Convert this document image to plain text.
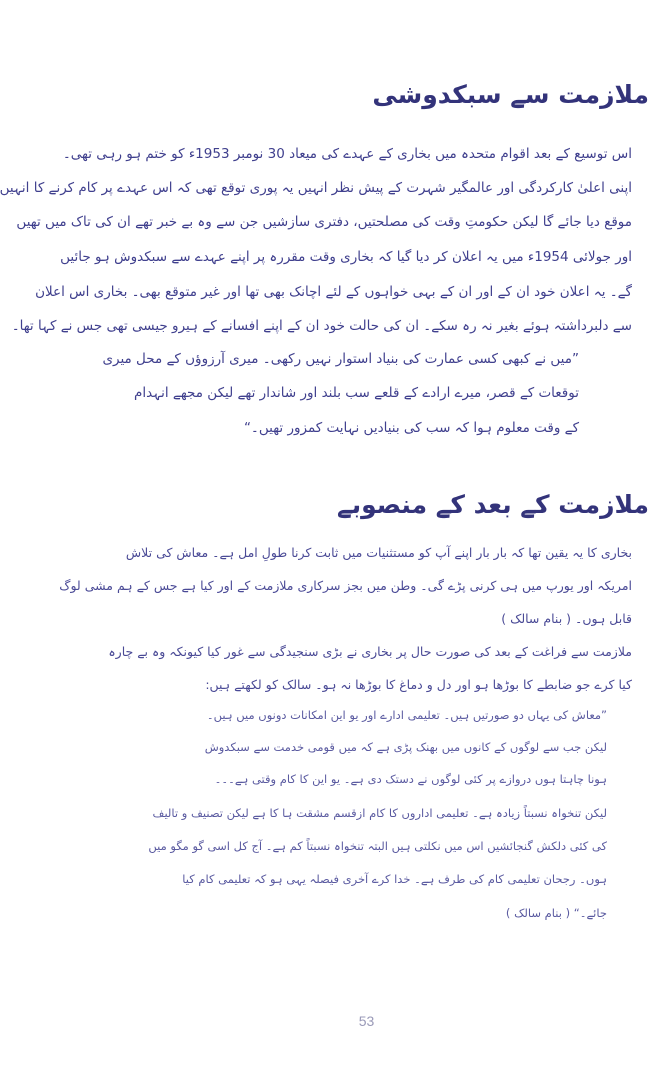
ملازمت سے سبکدوشی

اس توسیع کے بعد اقوام متحدہ میں بخاری کے عہدے کی میعاد 30 نومبر 1953ء کو ختم ہو رہی تھی۔

اپنی اعلیٰ کارکردگی اور عالمگیر شہرت کے پیش نظر انہیں یہ پوری توقع تھی کہ اس عہدے پر کام کرنے کا انہیں

موقع دیا جائے گا لیکن حکومتِ وقت کی مصلحتیں، دفتری سازشیں جن سے وہ بے خبر تھے ان کی تاک میں تھیں

اور جولائی 1954ء میں یہ اعلان کر دیا گیا کہ بخاری وقت مقررہ پر اپنے عہدے سے سبکدوش ہو جائیں

گے۔ یہ اعلان خود ان کے اور ان کے بہی خواہوں کے لئے اچانک بھی تھا اور غیر متوقع بھی۔ بخاری اس اعلان

سے دلبرداشتہ ہوئے بغیر نہ رہ سکے۔ ان کی حالت خود ان کے اپنے افسانے کے ہیرو جیسی تھی جس نے کہا تھا۔

”میں نے کبھی کسی عمارت کی بنیاد استوار نہیں رکھی۔ میری آرزوؤں کے محل میری

توقعات کے قصر، میرے ارادے کے قلعے سب بلند اور شاندار تھے لیکن مجھے انہدام

کے وقت معلوم ہوا کہ سب کی بنیادیں نہایت کمزور تھیں۔“

ملازمت کے بعد کے منصوبے

بخاری کا یہ یقین تھا کہ بار بار اپنے آپ کو مستثنیات میں ثابت کرنا طولِ امل ہے۔ معاش کی تلاش

امریکہ اور یورپ میں ہی کرنی پڑے گی۔ وطن میں بجز سرکاری ملازمت کے اور کیا ہے جس کے ہم مشی لوگ

قابل ہوں۔ ( بنام سالک )

ملازمت سے فراغت کے بعد کی صورت حال پر بخاری نے بڑی سنجیدگی سے غور کیا کیونکہ وہ بے چارہ

کیا کرے جو ضابطے کا بوڑھا ہو اور دل و دماغ کا بوڑھا نہ ہو۔ سالک کو لکھتے ہیں:

”معاش کی یہاں دو صورتیں ہیں۔ تعلیمی ادارے اور یو این امکانات دونوں میں ہیں۔

لیکن جب سے لوگوں کے کانوں میں بھنک پڑی ہے کہ میں قومی خدمت سے سبکدوش

ہونا چاہتا ہوں دروازے پر کئی لوگوں نے دستک دی ہے۔ یو این کا کام وقتی ہے۔۔۔

لیکن تنخواہ نسبتاً زیادہ ہے۔ تعلیمی اداروں کا کام ازقسم مشقت ہا کا ہے لیکن تصنیف و تالیف

کی کئی دلکش گنجائشیں اس میں نکلتی ہیں البتہ تنخواہ نسبتاً کم ہے۔ آج کل اسی گو مگو میں

ہوں۔ رجحان تعلیمی کام کی طرف ہے۔ خدا کرے آخری فیصلہ یہی ہو کہ تعلیمی کام کیا

جائے۔“ ( بنام سالک )

53
